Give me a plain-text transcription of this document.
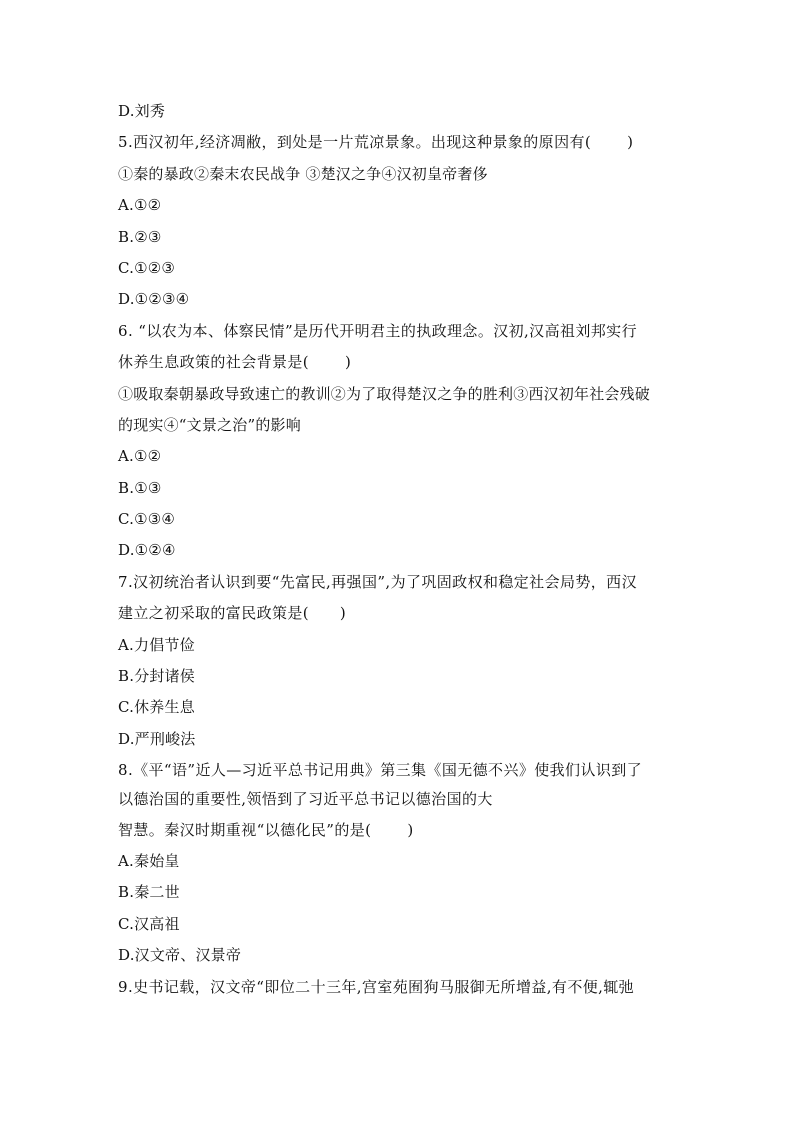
D.刘秀
5.西汉初年,经济凋敝，到处是一片荒凉景象。出现这种景象的原因有(　　 )
①秦的暴政②秦末农民战争 ③楚汉之争④汉初皇帝奢侈
A.①②
B.②③
C.①②③
D.①②③④
6. “以农为本、体察民情”是历代开明君主的执政理念。汉初,汉高祖刘邦实行
休养生息政策的社会背景是(　　 )
①吸取秦朝暴政导致速亡的教训②为了取得楚汉之争的胜利③西汉初年社会残破
的现实④“文景之治”的影响
A.①②
B.①③
C.①③④
D.①②④
7.汉初统治者认识到要“先富民,再强国”,为了巩固政权和稳定社会局势，西汉
建立之初采取的富民政策是(　　)
A.力倡节俭
B.分封诸侯
C.休养生息
D.严刑峻法
8.《平“语”近人—习近平总书记用典》第三集《国无德不兴》使我们认识到了
以德治国的重要性,领悟到了习近平总书记以德治国的大
智慧。秦汉时期重视“以德化民”的是(　　 )
A.秦始皇
B.秦二世
C.汉高祖
D.汉文帝、汉景帝
9.史书记载，汉文帝“即位二十三年,宫室苑囿狗马服御无所增益,有不便,辄弛
